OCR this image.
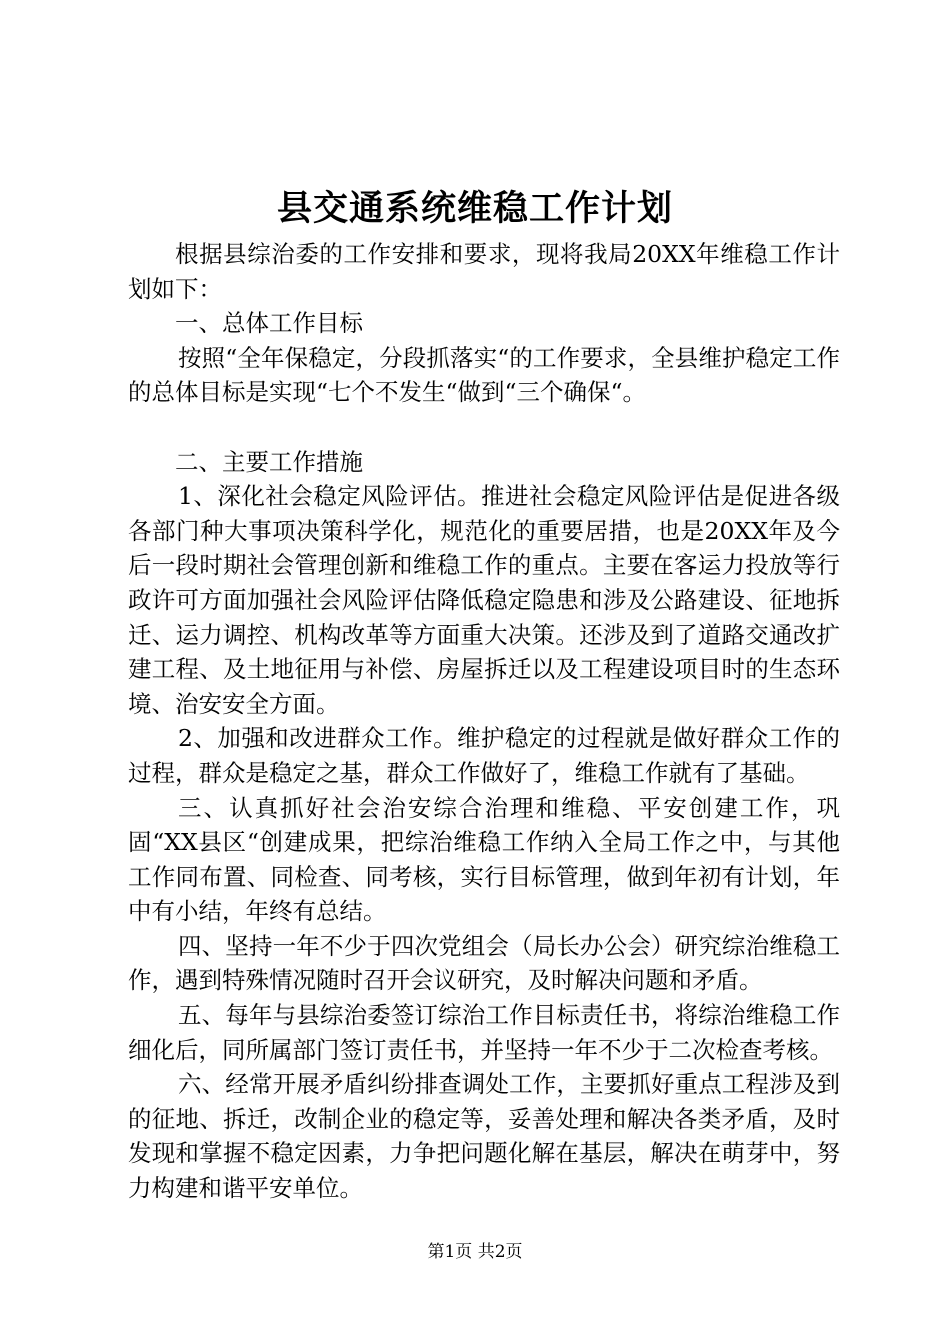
县交通系统维稳工作计划

根据县综治委的工作安排和要求，现将我局20XX年维稳工作计划如下：

一、总体工作目标

按照“全年保稳定，分段抓落实“的工作要求，全县维护稳定工作的总体目标是实现“七个不发生“做到“三个确保“。

二、主要工作措施

1、深化社会稳定风险评估。推进社会稳定风险评估是促进各级各部门种大事项决策科学化，规范化的重要居措，也是20XX年及今后一段时期社会管理创新和维稳工作的重点。主要在客运力投放等行政许可方面加强社会风险评估降低稳定隐患和涉及公路建设、征地拆迁、运力调控、机构改革等方面重大决策。还涉及到了道路交通改扩建工程、及土地征用与补偿、房屋拆迁以及工程建设项目时的生态环境、治安安全方面。

2、加强和改进群众工作。维护稳定的过程就是做好群众工作的过程，群众是稳定之基，群众工作做好了，维稳工作就有了基础。

三、认真抓好社会治安综合治理和维稳、平安创建工作，巩固“XX县区“创建成果，把综治维稳工作纳入全局工作之中，与其他工作同布置、同检查、同考核，实行目标管理，做到年初有计划，年中有小结，年终有总结。

四、坚持一年不少于四次党组会（局长办公会）研究综治维稳工作，遇到特殊情况随时召开会议研究，及时解决问题和矛盾。

五、每年与县综治委签订综治工作目标责任书，将综治维稳工作细化后，同所属部门签订责任书，并坚持一年不少于二次检查考核。

六、经常开展矛盾纠纷排查调处工作，主要抓好重点工程涉及到的征地、拆迁，改制企业的稳定等，妥善处理和解决各类矛盾，及时发现和掌握不稳定因素，力争把问题化解在基层，解决在萌芽中，努力构建和谐平安单位。

第1页 共2页
